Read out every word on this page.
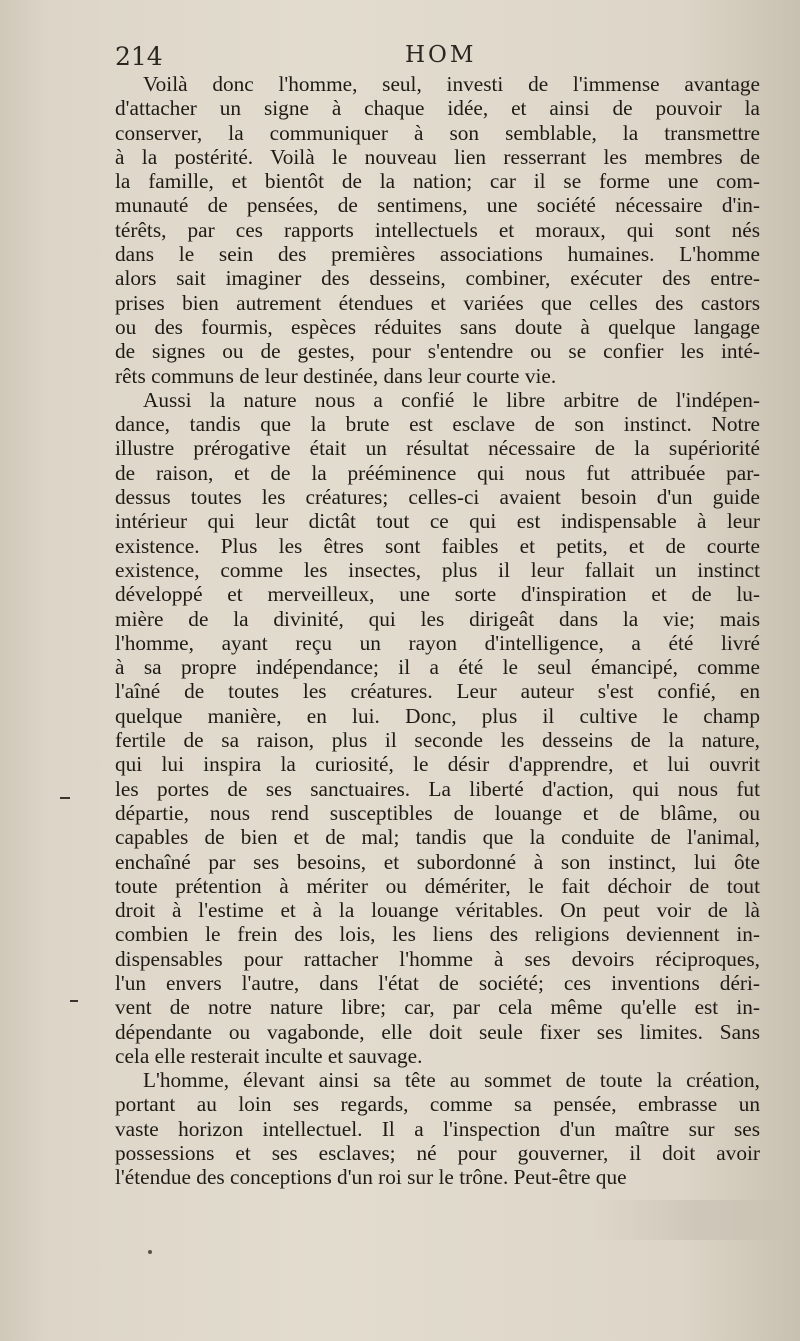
214	HOM
Voilà donc l'homme, seul, investi de l'immense avantage
d'attacher un signe à chaque idée, et ainsi de pouvoir la
conserver, la communiquer à son semblable, la transmettre
à la postérité. Voilà le nouveau lien resserrant les membres de
la famille, et bientôt de la nation; car il se forme une com-
munauté de pensées, de sentimens, une société nécessaire d'in-
térêts, par ces rapports intellectuels et moraux, qui sont nés
dans le sein des premières associations humaines. L'homme
alors sait imaginer des desseins, combiner, exécuter des entre-
prises bien autrement étendues et variées que celles des castors
ou des fourmis, espèces réduites sans doute à quelque langage
de signes ou de gestes, pour s'entendre ou se confier les inté-
rêts communs de leur destinée, dans leur courte vie.
Aussi la nature nous a confié le libre arbitre de l'indépen-
dance, tandis que la brute est esclave de son instinct. Notre
illustre prérogative était un résultat nécessaire de la supériorité
de raison, et de la prééminence qui nous fut attribuée par-
dessus toutes les créatures; celles-ci avaient besoin d'un guide
intérieur qui leur dictât tout ce qui est indispensable à leur
existence. Plus les êtres sont faibles et petits, et de courte
existence, comme les insectes, plus il leur fallait un instinct
développé et merveilleux, une sorte d'inspiration et de lu-
mière de la divinité, qui les dirigeât dans la vie; mais
l'homme, ayant reçu un rayon d'intelligence, a été livré
à sa propre indépendance; il a été le seul émancipé, comme
l'aîné de toutes les créatures. Leur auteur s'est confié, en
quelque manière, en lui. Donc, plus il cultive le champ
fertile de sa raison, plus il seconde les desseins de la nature,
qui lui inspira la curiosité, le désir d'apprendre, et lui ouvrit
les portes de ses sanctuaires. La liberté d'action, qui nous fut
départie, nous rend susceptibles de louange et de blâme, ou
capables de bien et de mal; tandis que la conduite de l'animal,
enchaîné par ses besoins, et subordonné à son instinct, lui ôte
toute prétention à mériter ou démériter, le fait déchoir de tout
droit à l'estime et à la louange véritables. On peut voir de là
combien le frein des lois, les liens des religions deviennent in-
dispensables pour rattacher l'homme à ses devoirs réciproques,
l'un envers l'autre, dans l'état de société; ces inventions déri-
vent de notre nature libre; car, par cela même qu'elle est in-
dépendante ou vagabonde, elle doit seule fixer ses limites. Sans
cela elle resterait inculte et sauvage.
L'homme, élevant ainsi sa tête au sommet de toute la création,
portant au loin ses regards, comme sa pensée, embrasse un
vaste horizon intellectuel. Il a l'inspection d'un maître sur ses
possessions et ses esclaves; né pour gouverner, il doit avoir
l'étendue des conceptions d'un roi sur le trône. Peut-être que
